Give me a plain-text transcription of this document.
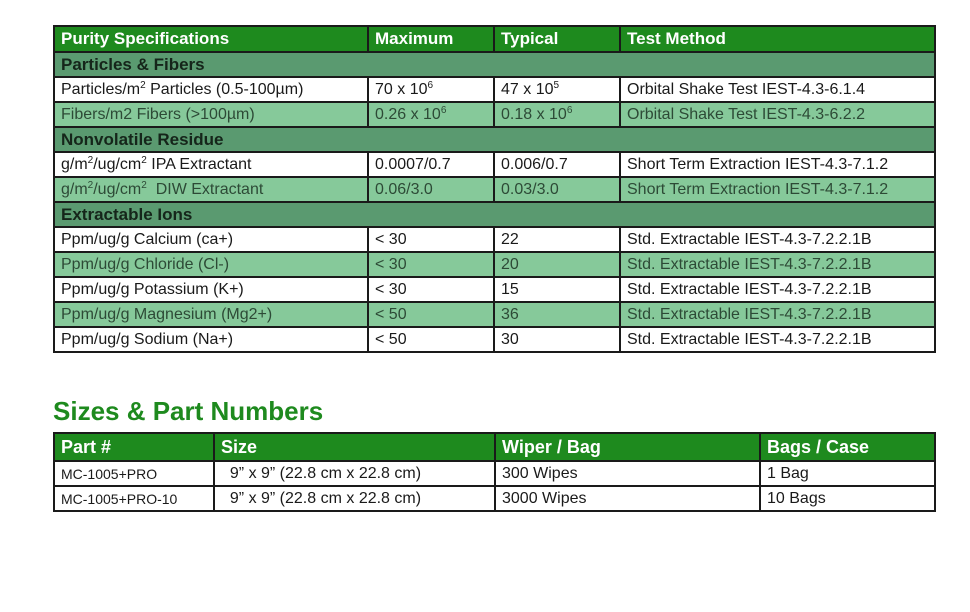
Purity Specifications	Maximum	Typical	Test Method
Particles & Fibers			
Particles/$m^2$ Particles (0.5-100µm)	70 x $10^6$	47 x $10^5$	Orbital Shake Test IEST-4.3-6.1.4
Fibers/m2 Fibers (>100µm)	0.26 x $10^6$	0.18 x $10^6$	Orbital Shake Test IEST-4.3-6.2.2
Nonvolatile Residue			
$g/m^2/ug/cm^2$ IPA Extractant	0.0007/0.7	0.006/0.7	Short Term Extraction IEST-4.3-7.1.2
$g/m^2/ug/cm^2$  DIW Extractant	0.06/3.0	0.03/3.0	Short Term Extraction IEST-4.3-7.1.2
Extractable Ions			
Ppm/ug/g Calcium (ca+)	< 30	22	Std. Extractable IEST-4.3-7.2.2.1B
Ppm/ug/g Chloride (Cl-)	< 30	20	Std. Extractable IEST-4.3-7.2.2.1B
Ppm/ug/g Potassium (K+)	< 30	15	Std. Extractable IEST-4.3-7.2.2.1B
Ppm/ug/g Magnesium (Mg2+)	< 50	36	Std. Extractable IEST-4.3-7.2.2.1B
Ppm/ug/g Sodium (Na+)	< 50	30	Std. Extractable IEST-4.3-7.2.2.1B
Sizes & Part Numbers
Part #	Size	Wiper / Bag	Bags / Case
MC-1005+PRO	9” x 9” (22.8 cm x 22.8 cm)	300 Wipes	1 Bag
MC-1005+PRO-10	9” x 9” (22.8 cm x 22.8 cm)	3000 Wipes	10 Bags
